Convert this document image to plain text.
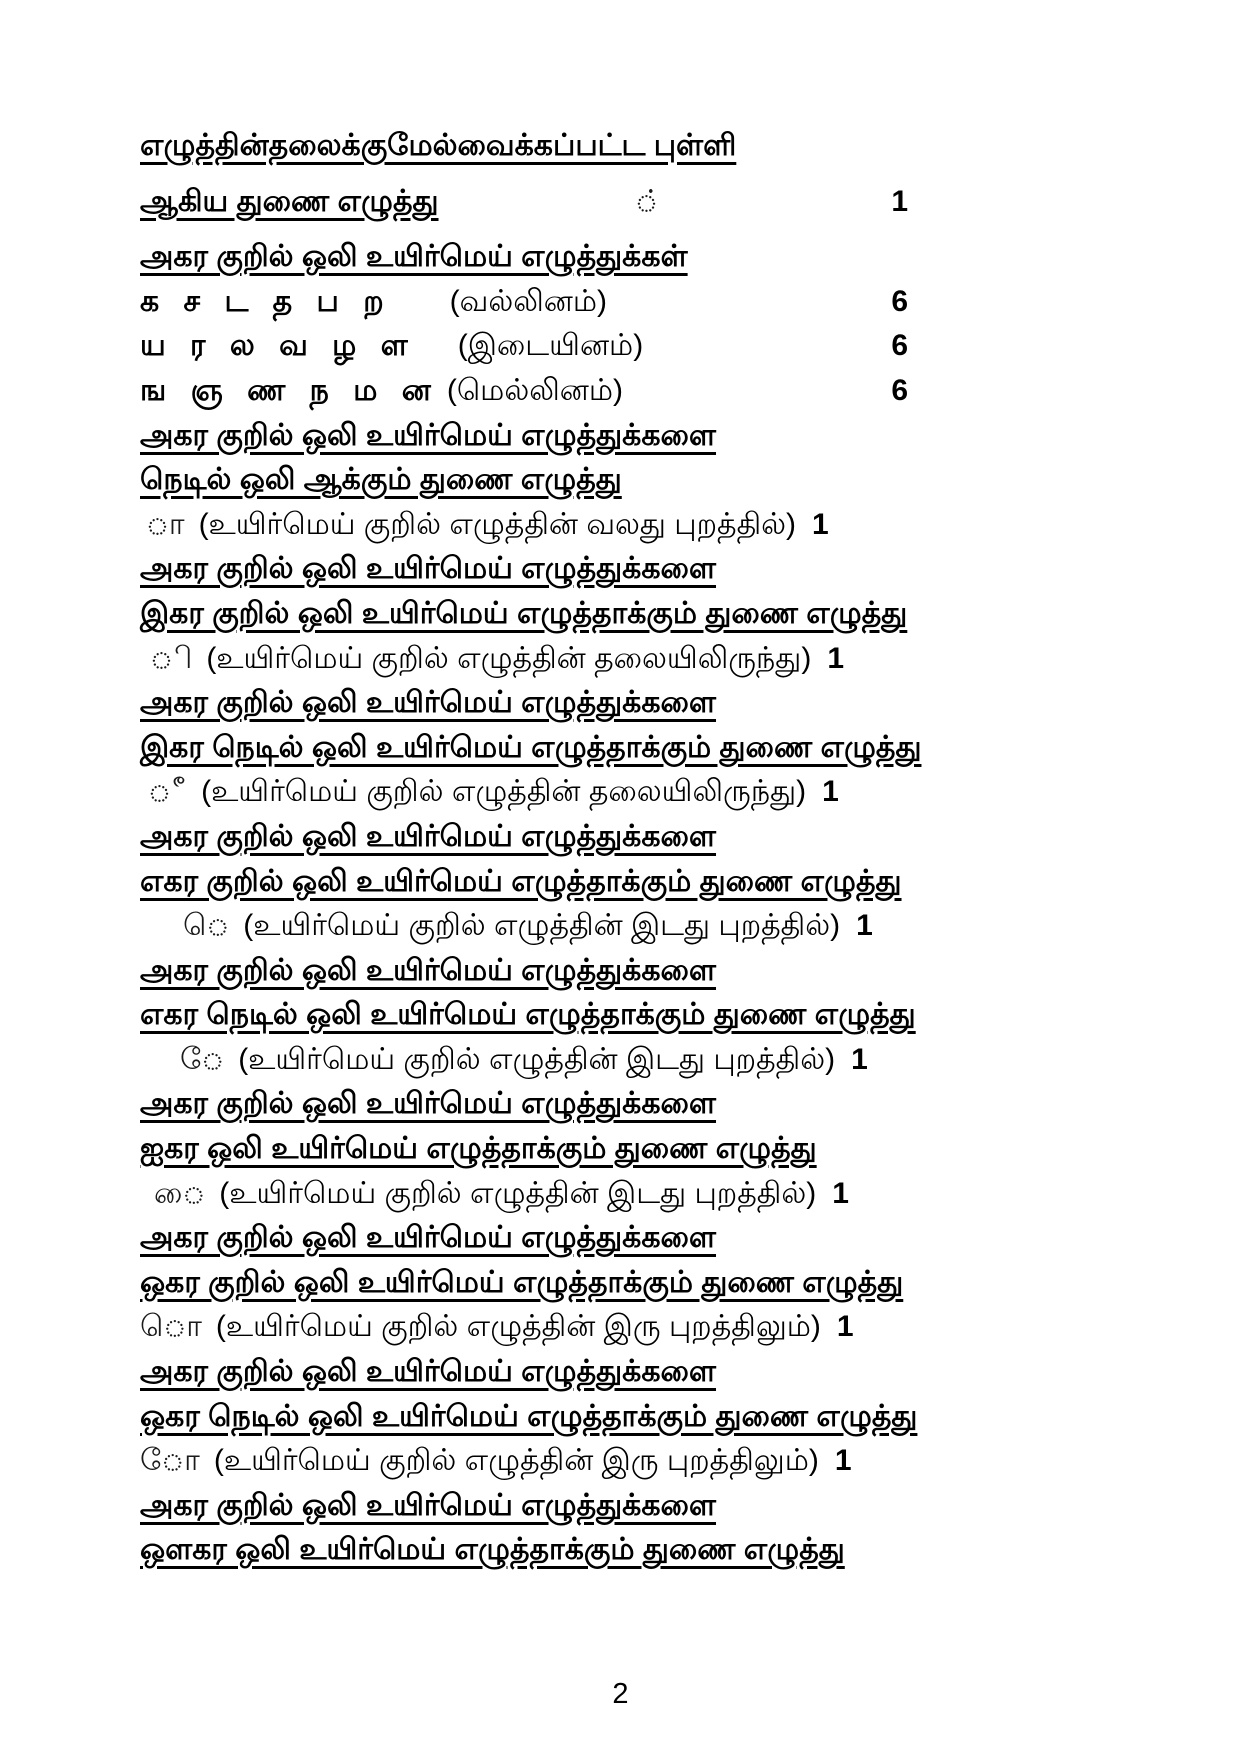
எழுத்தின்தலைக்குமேல்வைக்கப்பட்ட புள்ளி
ஆகிய துணை எழுத்து	◌்	1
அகர குறில் ஒலி உயிர்மெய் எழுத்துக்கள்
க ச ட த ப ற (வல்லினம்)	6
ய ர ல வ ழ ள (இடையினம்)	6
ங ஞ ண ந ம ன (மெல்லினம்)	6
அகர குறில் ஒலி உயிர்மெய் எழுத்துக்களை
நெடில் ஒலி ஆக்கும் துணை எழுத்து
ா (உயிர்மெய் குறில் எழுத்தின் வலது புறத்தில்) 1
அகர குறில் ஒலி உயிர்மெய் எழுத்துக்களை
இகர குறில் ஒலி உயிர்மெய் எழுத்தாக்கும் துணை எழுத்து
◌ி (உயிர்மெய் குறில் எழுத்தின் தலையிலிருந்து) 1
அகர குறில் ஒலி உயிர்மெய் எழுத்துக்களை
இகர நெடில் ஒலி உயிர்மெய் எழுத்தாக்கும் துணை எழுத்து
◌ீ (உயிர்மெய் குறில் எழுத்தின் தலையிலிருந்து) 1
அகர குறில் ஒலி உயிர்மெய் எழுத்துக்களை
எகர குறில் ஒலி உயிர்மெய் எழுத்தாக்கும் துணை எழுத்து
◌ெ (உயிர்மெய் குறில் எழுத்தின் இடது புறத்தில்) 1
அகர குறில் ஒலி உயிர்மெய் எழுத்துக்களை
எகர நெடில் ஒலி உயிர்மெய் எழுத்தாக்கும் துணை எழுத்து
◌ே (உயிர்மெய் குறில் எழுத்தின் இடது புறத்தில்) 1
அகர குறில் ஒலி உயிர்மெய் எழுத்துக்களை
ஐகர ஒலி உயிர்மெய் எழுத்தாக்கும் துணை எழுத்து
◌ை (உயிர்மெய் குறில் எழுத்தின் இடது புறத்தில்) 1
அகர குறில் ஒலி உயிர்மெய் எழுத்துக்களை
ஒகர குறில் ஒலி உயிர்மெய் எழுத்தாக்கும் துணை எழுத்து
◌ொ (உயிர்மெய் குறில் எழுத்தின் இரு புறத்திலும்) 1
அகர குறில் ஒலி உயிர்மெய் எழுத்துக்களை
ஒகர நெடில் ஒலி உயிர்மெய் எழுத்தாக்கும் துணை எழுத்து
◌ோ (உயிர்மெய் குறில் எழுத்தின் இரு புறத்திலும்) 1
அகர குறில் ஒலி உயிர்மெய் எழுத்துக்களை
ஒளகர ஒலி உயிர்மெய் எழுத்தாக்கும் துணை எழுத்து
2
